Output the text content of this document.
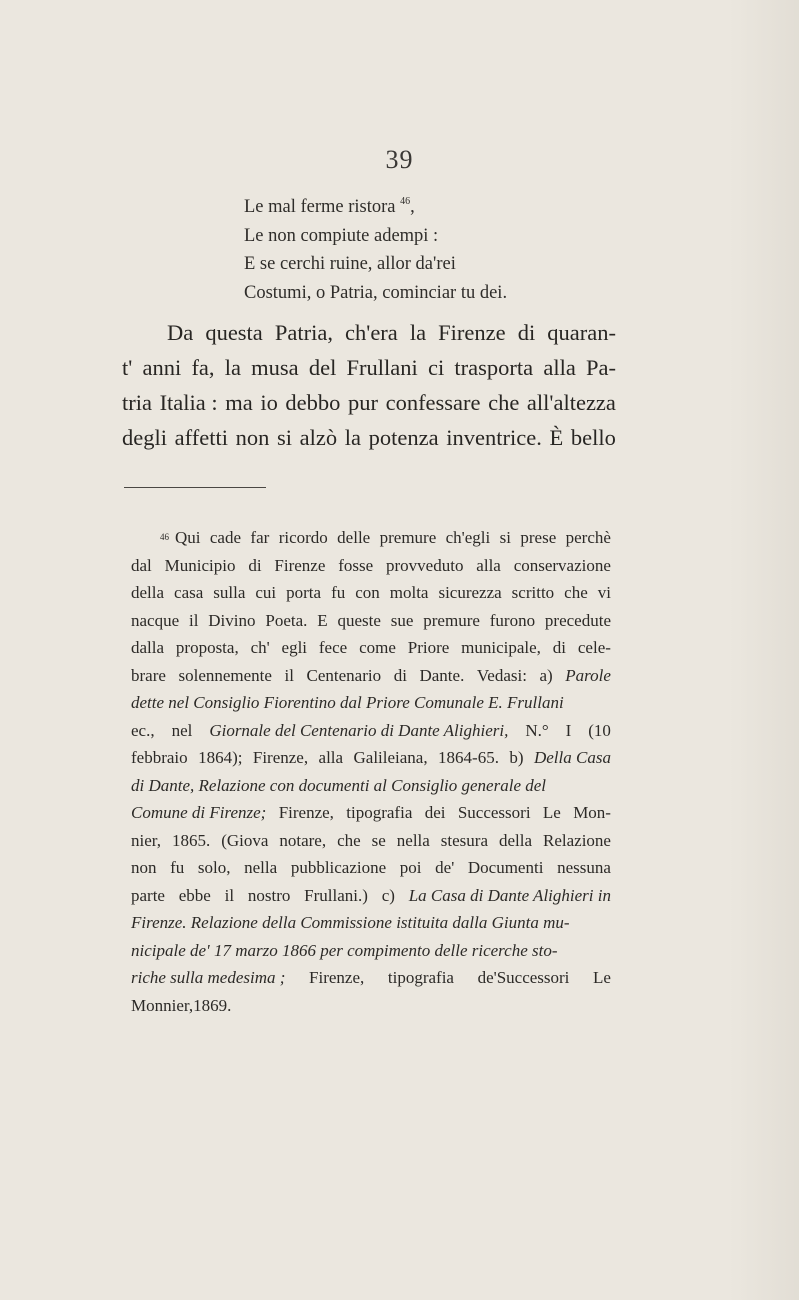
39
Le mal ferme ristora $^{46}$,
Le non compiute adempi :
E se cerchi ruine, allor da'rei
Costumi, o Patria, cominciar tu dei.
Da questa Patria, ch'era la Firenze di quaran-
t' anni fa, la musa del Frullani ci trasporta alla Pa-
tria Italia : ma io debbo pur confessare che all'altezza
degli affetti non si alzò la potenza inventrice. È bello
46 Qui cade far ricordo delle premure ch'egli si prese perchè
dal Municipio di Firenze fosse provveduto alla conservazione
della casa sulla cui porta fu con molta sicurezza scritto che vi
nacque il Divino Poeta. E queste sue premure furono precedute
dalla proposta, ch' egli fece come Priore municipale, di cele-
brare solennemente il Centenario di Dante. Vedasi: a) Parole
dette nel Consiglio Fiorentino dal Priore Comunale E. Frullani
ec., nel Giornale del Centenario di Dante Alighieri, N.° I (10
febbraio 1864); Firenze, alla Galileiana, 1864-65. b) Della Casa
di Dante, Relazione con documenti al Consiglio generale del
Comune di Firenze; Firenze, tipografia dei Successori Le Mon-
nier, 1865. (Giova notare, che se nella stesura della Relazione
non fu solo, nella pubblicazione poi de' Documenti nessuna
parte ebbe il nostro Frullani.) c) La Casa di Dante Alighieri in
Firenze. Relazione della Commissione istituita dalla Giunta mu-
nicipale de' 17 marzo 1866 per compimento delle ricerche sto-
riche sulla medesima ; Firenze, tipografia de'Successori Le
Monnier, 1869.
